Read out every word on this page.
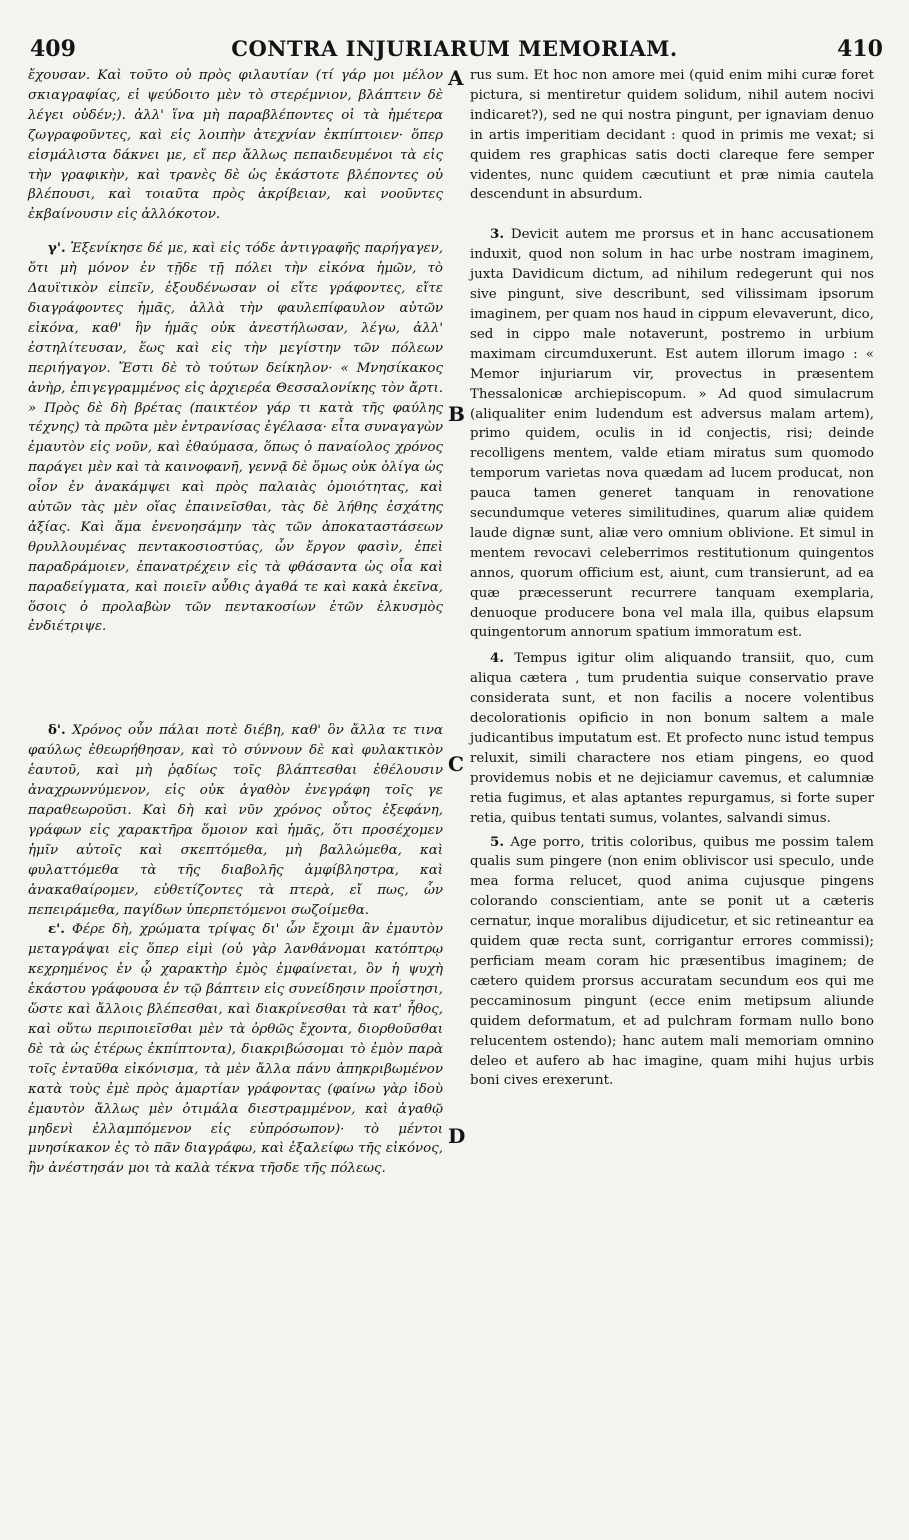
409	CONTRA INJURIARUM MEMORIAM.	410

ἔχουσαν. Καὶ τοῦτο οὐ πρὸς φιλαυτίαν (τί γάρ μοι μέλον σκιαγραφίας, εἰ ψεύδοιτο μὲν τὸ στερέμνιον, βλάπτειν δὲ λέγει οὐδέν;). ἀλλ' ἵνα μὴ παραβλέποντες οἱ τὰ ἡμέτερα ζωγραφοῦντες, καὶ εἰς λοιπὴν ἀτεχνίαν ἐκπίπτοιεν· ὅπερ εἰσμάλιστα δάκνει με, εἴ περ ἄλλως πεπαιδευμένοι τὰ εἰς τὴν γραφικὴν, καὶ τρανὲς δὲ ὡς ἑκάστοτε βλέποντες οὐ βλέπουσι, καὶ τοιαῦτα πρὸς ἀκρίβειαν, καὶ νοοῦντες ἐκβαίνουσιν εἰς ἀλλόκοτον.

γ'. Ἐξενίκησε δέ με, καὶ εἰς τόδε ἀντιγραφῆς παρήγαγεν, ὅτι μὴ μόνον ἐν τῇδε τῇ πόλει τὴν εἰκόνα ἡμῶν, τὸ Δαυϊτικὸν εἰπεῖν, ἐξουδένωσαν οἱ εἴτε γράφοντες, εἴτε διαγράφοντες ἡμᾶς, ἀλλὰ τὴν φαυλεπίφαυλον αὐτῶν εἰκόνα, καθ' ἣν ἡμᾶς οὐκ ἀνεστήλωσαν, λέγω, ἀλλ' ἐστηλίτευσαν, ἕως καὶ εἰς τὴν μεγίστην τῶν πόλεων περιήγαγον. Ἔστι δὲ τὸ τούτων δείκηλον· « Μνησίκακος ἀνὴρ, ἐπιγεγραμμένος εἰς ἀρχιερέα Θεσσαλονίκης τὸν ἄρτι. » Πρὸς δὲ δὴ βρέτας (παικτέον γάρ τι κατὰ τῆς φαύλης τέχνης) τὰ πρῶτα μὲν ἐντρανίσας ἐγέλασα· εἶτα συναγαγὼν ἐμαυτὸν εἰς νοῦν, καὶ ἐθαύμασα, ὅπως ὁ παναίολος χρόνος παράγει μὲν καὶ τὰ καινοφανῆ, γεννᾷ δὲ ὅμως οὐκ ὀλίγα ὡς οἷον ἐν ἀνακάμψει καὶ πρὸς παλαιὰς ὁμοιότητας, καὶ αὐτῶν τὰς μὲν οἵας ἐπαινεῖσθαι, τὰς δὲ λήθης ἐσχάτης ἀξίας. Καὶ ἅμα ἐνενοησάμην τὰς τῶν ἀποκαταστάσεων θρυλλουμένας πεντακοσιοστύας, ὧν ἔργον φασὶν, ἐπεὶ παραδράμοιεν, ἐπανατρέχειν εἰς τὰ φθάσαντα ὡς οἷα καὶ παραδείγματα, καὶ ποιεῖν αὖθις ἀγαθά τε καὶ κακὰ ἐκεῖνα, ὅσοις ὁ προλαβὼν τῶν πεντακοσίων ἐτῶν ἑλκυσμὸς ἐνδιέτριψε.

δ'. Χρόνος οὖν πάλαι ποτὲ διέβη, καθ' ὃν ἄλλα τε τινα φαύλως ἐθεωρήθησαν, καὶ τὸ σύννουν δὲ καὶ φυλακτικὸν ἑαυτοῦ, καὶ μὴ ῥᾳδίως τοῖς βλάπτεσθαι ἐθέλουσιν ἀναχρωννύμενον, εἰς οὐκ ἀγαθὸν ἐνεγράφη τοῖς γε παραθεωροῦσι. Καὶ δὴ καὶ νῦν χρόνος οὗτος ἐξεφάνη, γράφων εἰς χαρακτῆρα ὅμοιον καὶ ἡμᾶς, ὅτι προσέχομεν ἡμῖν αὐτοῖς καὶ σκεπτόμεθα, μὴ βαλλώμεθα, καὶ φυλαττόμεθα τὰ τῆς διαβολῆς ἀμφίβληστρα, καὶ ἀνακαθαίρομεν, εὐθετίζοντες τὰ πτερὰ, εἴ πως, ὧν πεπειράμεθα, παγίδων ὑπερπετόμενοι σωζοίμεθα.

ε'. Φέρε δὴ, χρώματα τρίψας δι' ὧν ἔχοιμι ἂν ἐμαυτὸν μεταγράψαι εἰς ὅπερ εἰμὶ (οὐ γὰρ λανθάνομαι κατόπτρῳ κεχρημένος ἐν ᾧ χαρακτὴρ ἐμὸς ἐμφαίνεται, ὃν ἡ ψυχὴ ἑκάστου γράφουσα ἐν τῷ βάπτειν εἰς συνείδησιν προΐστησι, ὥστε καὶ ἄλλοις βλέπεσθαι, καὶ διακρίνεσθαι τὰ κατ' ἦθος, καὶ οὕτω περιποιεῖσθαι μὲν τὰ ὀρθῶς ἔχοντα, διορθοῦσθαι δὲ τὰ ὡς ἑτέρως ἐκπίπτοντα), διακριβώσομαι τὸ ἐμὸν παρὰ τοῖς ἐνταῦθα εἰκόνισμα, τὰ μὲν ἄλλα πάνυ ἀπηκριβωμένον κατὰ τοὺς ἐμὲ πρὸς ἁμαρτίαν γράφοντας (φαίνω γὰρ ἰδοὺ ἐμαυτὸν ἄλλως μὲν ὀτιμάλα διεστραμμένον, καὶ ἀγαθῷ μηδενὶ ἐλλαμπόμενον εἰς εὐπρόσωπον)· τὸ μέντοι μνησίκακον ἐς τὸ πᾶν διαγράφω, καὶ ἐξαλείφω τῆς εἰκόνος, ἣν ἀνέστησάν μοι τὰ καλὰ τέκνα τῆσδε τῆς πόλεως.

A
B
C
D

rus sum. Et hoc non amore mei (quid enim mihi curæ foret pictura, si mentiretur quidem solidum, nihil autem nocivi indicaret?), sed ne qui nostra pingunt, per ignaviam denuo in artis imperitiam decidant : quod in primis me vexat; si quidem res graphicas satis docti clareque fere semper videntes, nunc quidem cæcutiunt et præ nimia cautela descendunt in absurdum.

3. Devicit autem me prorsus et in hanc accusationem induxit, quod non solum in hac urbe nostram imaginem, juxta Davidicum dictum, ad nihilum redegerunt qui nos sive pingunt, sive describunt, sed vilissimam ipsorum imaginem, per quam nos haud in cippum elevaverunt, dico, sed in cippo male notaverunt, postremo in urbium maximam circumduxerunt. Est autem illorum imago : « Memor injuriarum vir, provectus in præsentem Thessalonicæ archiepiscopum. » Ad quod simulacrum (aliqualiter enim ludendum est adversus malam artem), primo quidem, oculis in id conjectis, risi; deinde recolligens mentem, valde etiam miratus sum quomodo temporum varietas nova quædam ad lucem producat, non pauca tamen generet tanquam in renovatione secundumque veteres similitudines, quarum aliæ quidem laude dignæ sunt, aliæ vero omnium oblivione. Et simul in mentem revocavi celeberrimos restitutionum quingentos annos, quorum officium est, aiunt, cum transierunt, ad ea quæ præcesserunt recurrere tanquam exemplaria, denuoque producere bona vel mala illa, quibus elapsum quingentorum annorum spatium immoratum est.

4. Tempus igitur olim aliquando transiit, quo, cum aliqua cætera , tum prudentia suique conservatio prave considerata sunt, et non facilis a nocere volentibus decolorationis opificio in non bonum saltem a male judicantibus imputatum est. Et profecto nunc istud tempus reluxit, simili charactere nos etiam pingens, eo quod providemus nobis et ne dejiciamur cavemus, et calumniæ retia fugimus, et alas aptantes repurgamus, si forte super retia, quibus tentati sumus, volantes, salvandi simus.

5. Age porro, tritis coloribus, quibus me possim talem qualis sum pingere (non enim obliviscor usi speculo, unde mea forma relucet, quod anima cujusque pingens colorando conscientiam, ante se ponit ut a cæteris cernatur, inque moralibus dijudicetur, et sic retineantur ea quidem quæ recta sunt, corrigantur errores commissi); perficiam meam coram hic præsentibus imaginem; de cætero quidem prorsus accuratam secundum eos qui me peccaminosum pingunt (ecce enim metipsum aliunde quidem deformatum, et ad pulchram formam nullo bono relucentem ostendo); hanc autem mali memoriam omnino deleo et aufero ab hac imagine, quam mihi hujus urbis boni cives erexerunt.
